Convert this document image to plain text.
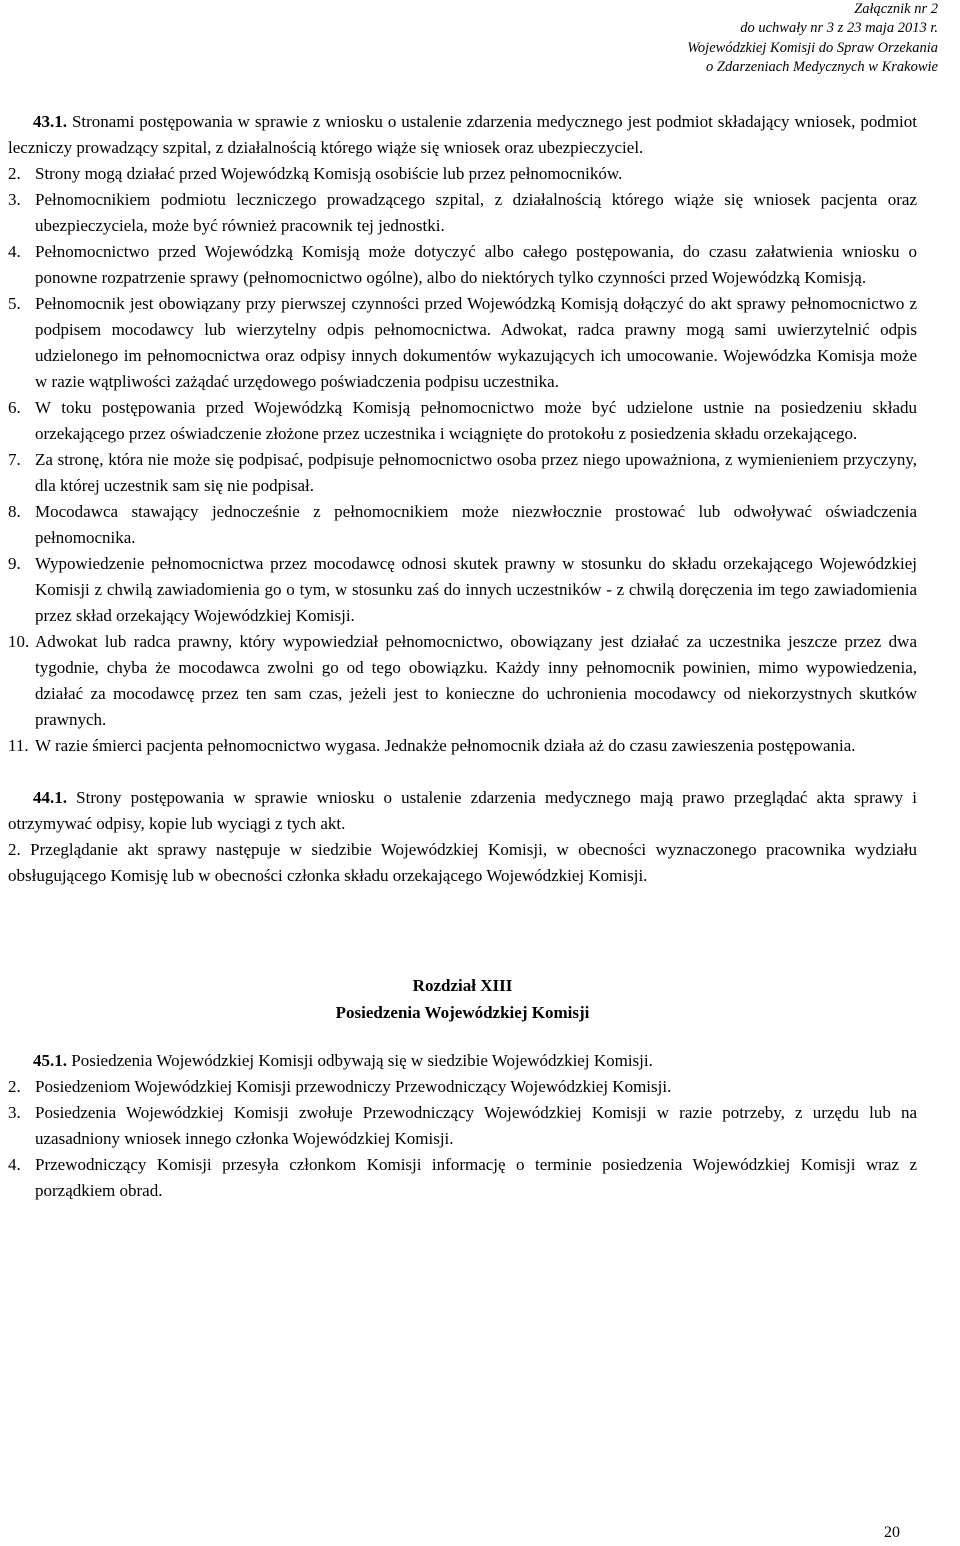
Załącznik nr 2
do uchwały nr 3 z 23 maja 2013 r.
Wojewódzkiej Komisji do Spraw Orzekania
o Zdarzeniach Medycznych w Krakowie

43.1. Stronami postępowania w sprawie z wniosku o ustalenie zdarzenia medycznego jest podmiot składający wniosek, podmiot leczniczy prowadzący szpital, z działalnością którego wiąże się wniosek oraz ubezpieczyciel.

2. Strony mogą działać przed Wojewódzką Komisją osobiście lub przez pełnomocników.
3. Pełnomocnikiem podmiotu leczniczego prowadzącego szpital, z działalnością którego wiąże się wniosek pacjenta oraz ubezpieczyciela, może być również pracownik tej jednostki.
4. Pełnomocnictwo przed Wojewódzką Komisją może dotyczyć albo całego postępowania, do czasu załatwienia wniosku o ponowne rozpatrzenie sprawy (pełnomocnictwo ogólne), albo do niektórych tylko czynności przed Wojewódzką Komisją.
5. Pełnomocnik jest obowiązany przy pierwszej czynności przed Wojewódzką Komisją dołączyć do akt sprawy pełnomocnictwo z podpisem mocodawcy lub wierzytelny odpis pełnomocnictwa. Adwokat, radca prawny mogą sami uwierzytelnić odpis udzielonego im pełnomocnictwa oraz odpisy innych dokumentów wykazujących ich umocowanie. Wojewódzka Komisja może w razie wątpliwości zażądać urzędowego poświadczenia podpisu uczestnika.
6. W toku postępowania przed Wojewódzką Komisją pełnomocnictwo może być udzielone ustnie na posiedzeniu składu orzekającego przez oświadczenie złożone przez uczestnika i wciągnięte do protokołu z posiedzenia składu orzekającego.
7. Za stronę, która nie może się podpisać, podpisuje pełnomocnictwo osoba przez niego upoważniona, z wymienieniem przyczyny, dla której uczestnik sam się nie podpisał.
8. Mocodawca stawający jednocześnie z pełnomocnikiem może niezwłocznie prostować lub odwoływać oświadczenia pełnomocnika.
9. Wypowiedzenie pełnomocnictwa przez mocodawcę odnosi skutek prawny w stosunku do składu orzekającego Wojewódzkiej Komisji z chwilą zawiadomienia go o tym, w stosunku zaś do innych uczestników - z chwilą doręczenia im tego zawiadomienia przez skład orzekający Wojewódzkiej Komisji.
10. Adwokat lub radca prawny, który wypowiedział pełnomocnictwo, obowiązany jest działać za uczestnika jeszcze przez dwa tygodnie, chyba że mocodawca zwolni go od tego obowiązku. Każdy inny pełnomocnik powinien, mimo wypowiedzenia, działać za mocodawcę przez ten sam czas, jeżeli jest to konieczne do uchronienia mocodawcy od niekorzystnych skutków prawnych.
11. W razie śmierci pacjenta pełnomocnictwo wygasa. Jednakże pełnomocnik działa aż do czasu zawieszenia postępowania.

44.1. Strony postępowania w sprawie wniosku o ustalenie zdarzenia medycznego mają prawo przeglądać akta sprawy i otrzymywać odpisy, kopie lub wyciągi z tych akt.

2. Przeglądanie akt sprawy następuje w siedzibie Wojewódzkiej Komisji, w obecności wyznaczonego pracownika wydziału obsługującego Komisję lub w obecności członka składu orzekającego Wojewódzkiej Komisji.

Rozdział XIII

Posiedzenia Wojewódzkiej Komisji

45.1. Posiedzenia Wojewódzkiej Komisji odbywają się w siedzibie Wojewódzkiej Komisji.

2. Posiedzeniom Wojewódzkiej Komisji przewodniczy Przewodniczący Wojewódzkiej Komisji.
3. Posiedzenia Wojewódzkiej Komisji zwołuje Przewodniczący Wojewódzkiej Komisji w razie potrzeby, z urzędu lub na uzasadniony wniosek innego członka Wojewódzkiej Komisji.
4. Przewodniczący Komisji przesyła członkom Komisji informację o terminie posiedzenia Wojewódzkiej Komisji wraz z porządkiem obrad.
20
